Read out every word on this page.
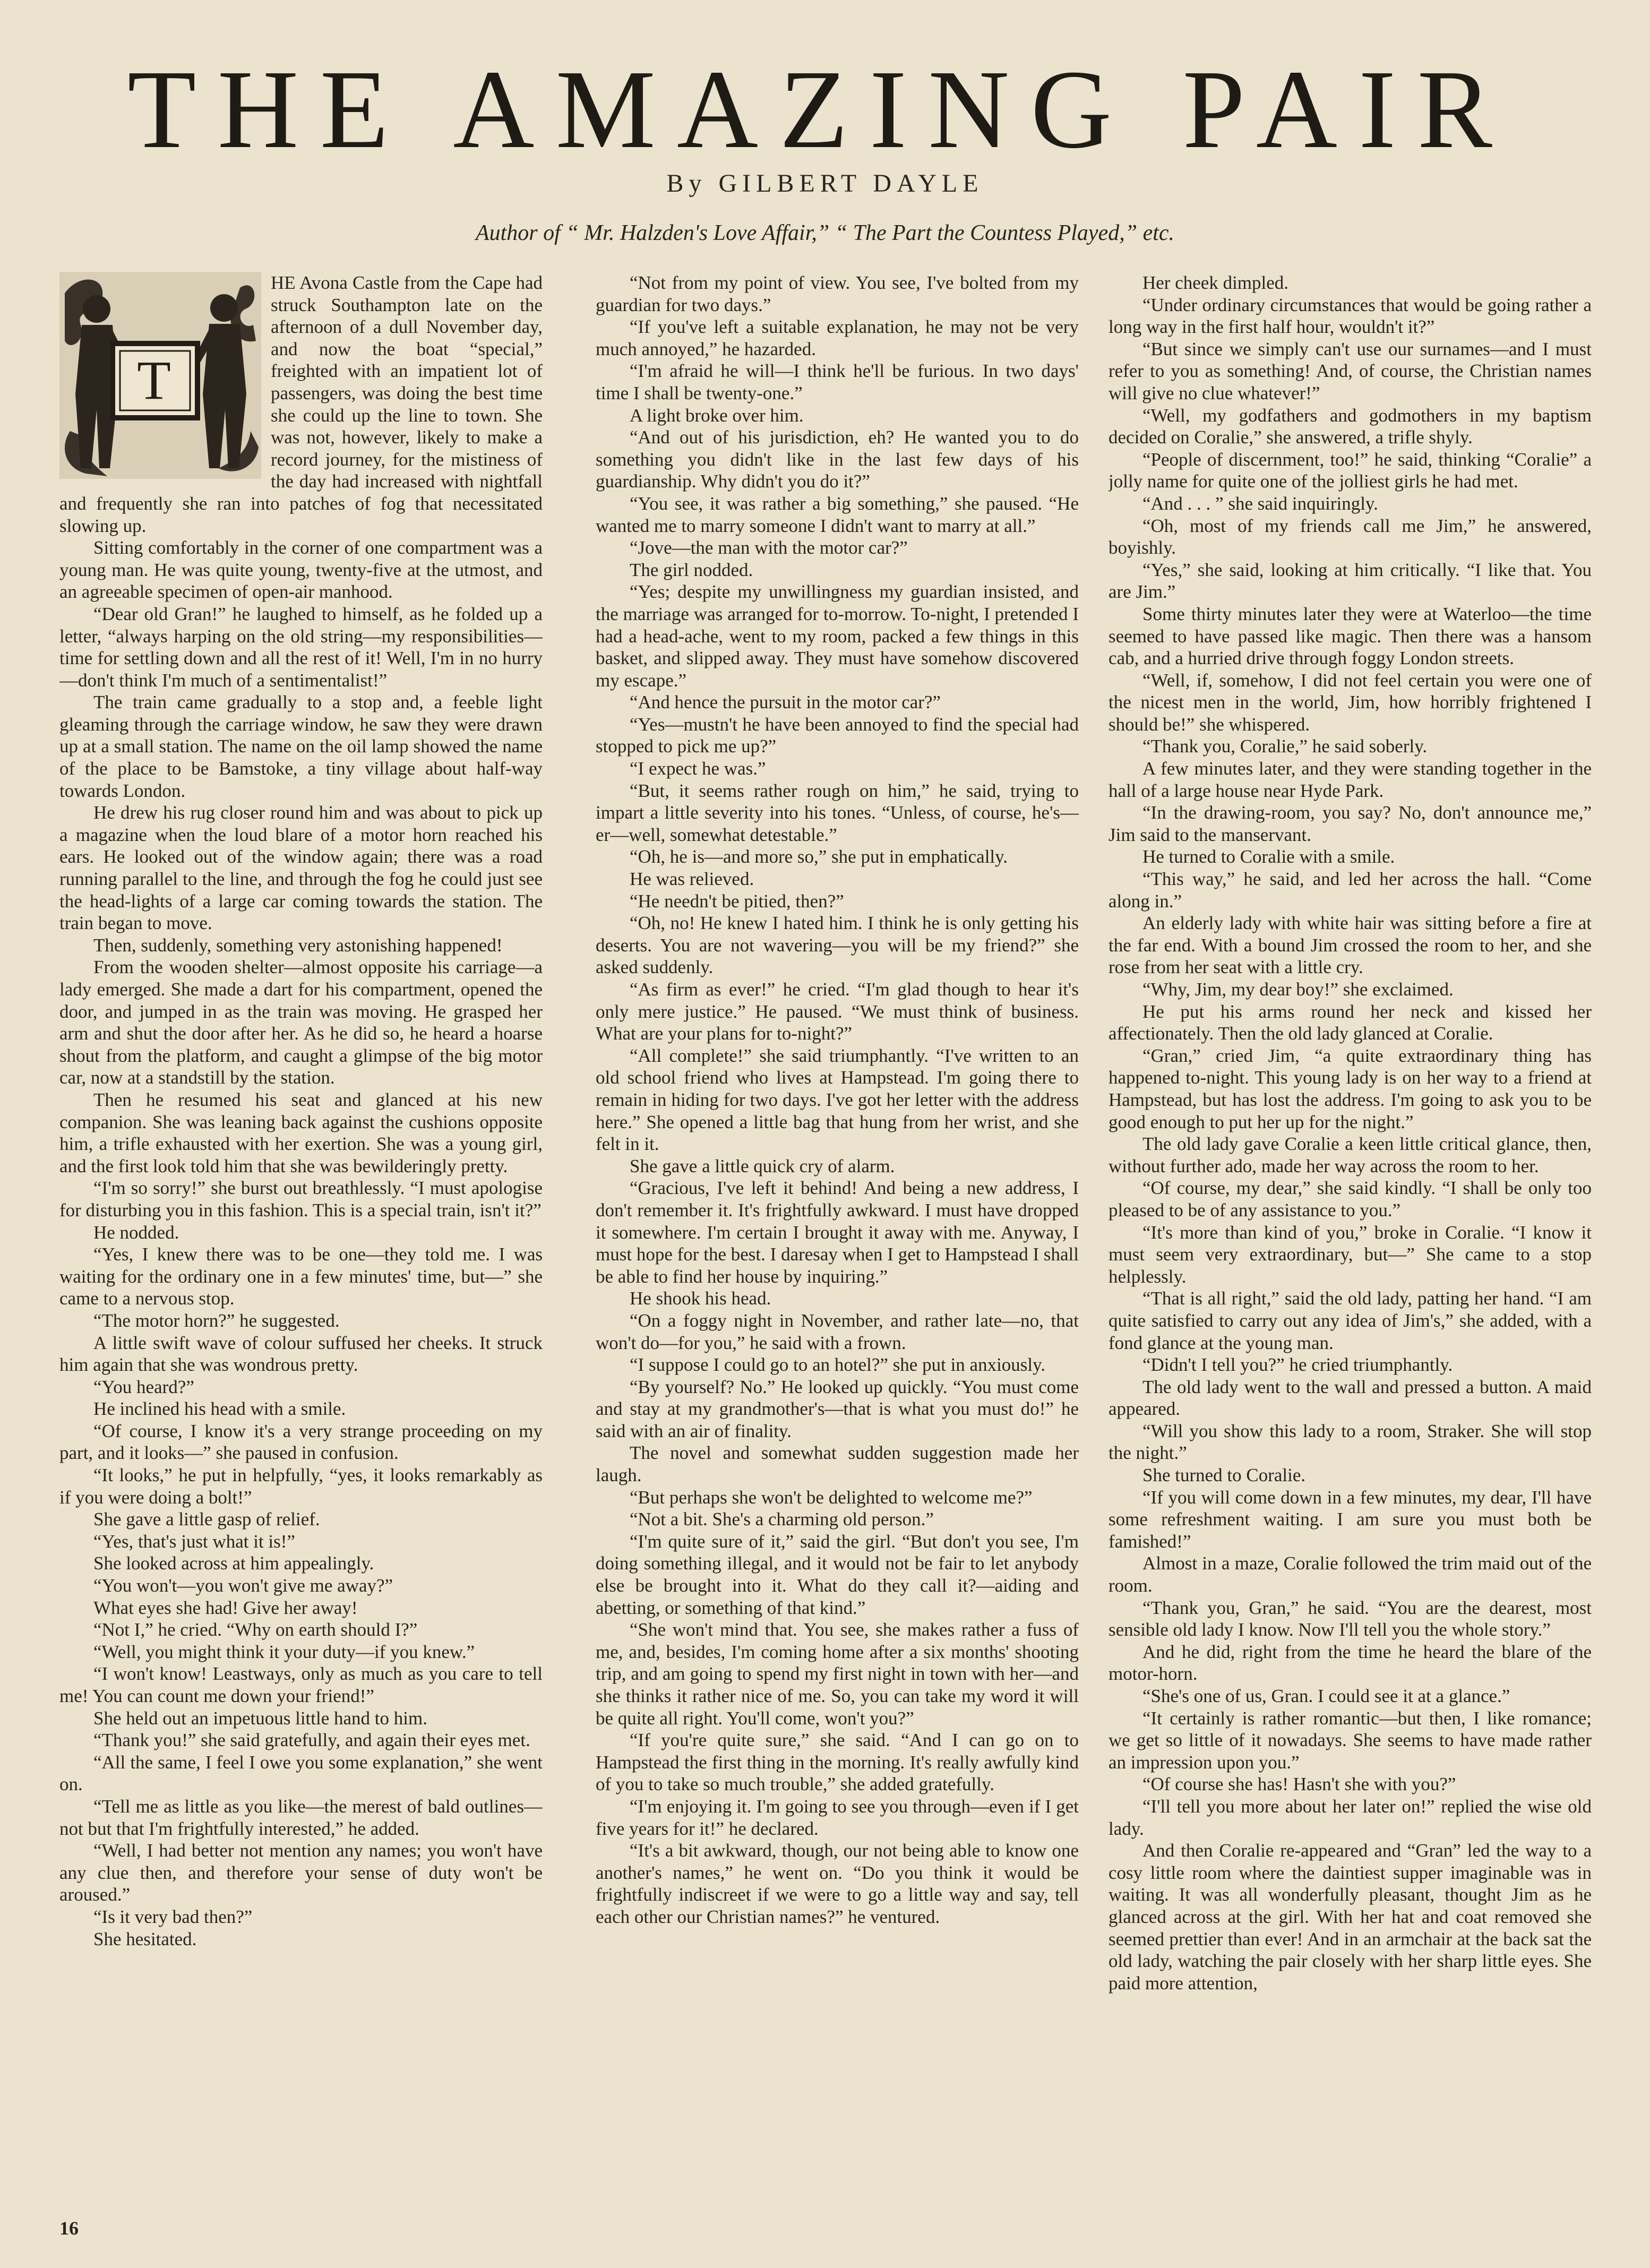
THE AMAZING PAIR
By GILBERT DAYLE
Author of “ Mr. Halzden's Love Affair,” “ The Part the Countess Played,” etc.
T

HE Avona Castle from the Cape had struck Southampton late on the afternoon of a dull November day, and now the boat “special,” freighted with an impatient lot of passengers, was doing the best time she could up the line to town. She was not, however, likely to make a record journey, for the mistiness of the day had increased with nightfall and frequently she ran into patches of fog that necessitated slowing up.

Sitting comfortably in the corner of one compartment was a young man. He was quite young, twenty-five at the utmost, and an agreeable specimen of open-air manhood.

“Dear old Gran!” he laughed to himself, as he folded up a letter, “always harping on the old string—my responsibilities—time for settling down and all the rest of it! Well, I'm in no hurry—don't think I'm much of a sentimentalist!”

The train came gradually to a stop and, a feeble light gleaming through the carriage window, he saw they were drawn up at a small station. The name on the oil lamp showed the name of the place to be Bamstoke, a tiny village about half-way towards London.

He drew his rug closer round him and was about to pick up a magazine when the loud blare of a motor horn reached his ears. He looked out of the window again; there was a road running parallel to the line, and through the fog he could just see the head-lights of a large car coming towards the station. The train began to move.

Then, suddenly, something very astonishing happened!

From the wooden shelter—almost opposite his carriage—a lady emerged. She made a dart for his compartment, opened the door, and jumped in as the train was moving. He grasped her arm and shut the door after her. As he did so, he heard a hoarse shout from the platform, and caught a glimpse of the big motor car, now at a standstill by the station.

Then he resumed his seat and glanced at his new companion. She was leaning back against the cushions opposite him, a trifle exhausted with her exertion. She was a young girl, and the first look told him that she was bewilderingly pretty.

“I'm so sorry!” she burst out breathlessly. “I must apologise for disturbing you in this fashion. This is a special train, isn't it?”

He nodded.

“Yes, I knew there was to be one—they told me. I was waiting for the ordinary one in a few minutes' time, but—” she came to a nervous stop.

“The motor horn?” he suggested.

A little swift wave of colour suffused her cheeks. It struck him again that she was wondrous pretty.

“You heard?”

He inclined his head with a smile.

“Of course, I know it's a very strange proceeding on my part, and it looks—” she paused in confusion.

“It looks,” he put in helpfully, “yes, it looks remarkably as if you were doing a bolt!”

She gave a little gasp of relief.

“Yes, that's just what it is!”

She looked across at him appealingly.

“You won't—you won't give me away?”

What eyes she had! Give her away!

“Not I,” he cried. “Why on earth should I?”

“Well, you might think it your duty—if you knew.”

“I won't know! Leastways, only as much as you care to tell me! You can count me down your friend!”

She held out an impetuous little hand to him.

“Thank you!” she said gratefully, and again their eyes met.

“All the same, I feel I owe you some explanation,” she went on.

“Tell me as little as you like—the merest of bald outlines—not but that I'm frightfully interested,” he added.

“Well, I had better not mention any names; you won't have any clue then, and therefore your sense of duty won't be aroused.”

“Is it very bad then?”

She hesitated.

“Not from my point of view. You see, I've bolted from my guardian for two days.”

“If you've left a suitable explanation, he may not be very much annoyed,” he hazarded.

“I'm afraid he will—I think he'll be furious. In two days' time I shall be twenty-one.”

A light broke over him.

“And out of his jurisdiction, eh? He wanted you to do something you didn't like in the last few days of his guardianship. Why didn't you do it?”

“You see, it was rather a big something,” she paused. “He wanted me to marry someone I didn't want to marry at all.”

“Jove—the man with the motor car?”

The girl nodded.

“Yes; despite my unwillingness my guardian insisted, and the marriage was arranged for to-morrow. To-night, I pretended I had a head-ache, went to my room, packed a few things in this basket, and slipped away. They must have somehow discovered my escape.”

“And hence the pursuit in the motor car?”

“Yes—mustn't he have been annoyed to find the special had stopped to pick me up?”

“I expect he was.”

“But, it seems rather rough on him,” he said, trying to impart a little severity into his tones. “Unless, of course, he's—er—well, somewhat detestable.”

“Oh, he is—and more so,” she put in emphatically.

He was relieved.

“He needn't be pitied, then?”

“Oh, no! He knew I hated him. I think he is only getting his deserts. You are not wavering—you will be my friend?” she asked suddenly.

“As firm as ever!” he cried. “I'm glad though to hear it's only mere justice.” He paused. “We must think of business. What are your plans for to-night?”

“All complete!” she said triumphantly. “I've written to an old school friend who lives at Hampstead. I'm going there to remain in hiding for two days. I've got her letter with the address here.” She opened a little bag that hung from her wrist, and she felt in it.

She gave a little quick cry of alarm.

“Gracious, I've left it behind! And being a new address, I don't remember it. It's frightfully awkward. I must have dropped it somewhere. I'm certain I brought it away with me. Anyway, I must hope for the best. I daresay when I get to Hampstead I shall be able to find her house by inquiring.”

He shook his head.

“On a foggy night in November, and rather late—no, that won't do—for you,” he said with a frown.

“I suppose I could go to an hotel?” she put in anxiously.

“By yourself? No.” He looked up quickly. “You must come and stay at my grandmother's—that is what you must do!” he said with an air of finality.

The novel and somewhat sudden suggestion made her laugh.

“But perhaps she won't be delighted to welcome me?”

“Not a bit. She's a charming old person.”

“I'm quite sure of it,” said the girl. “But don't you see, I'm doing something illegal, and it would not be fair to let anybody else be brought into it. What do they call it?—aiding and abetting, or something of that kind.”

“She won't mind that. You see, she makes rather a fuss of me, and, besides, I'm coming home after a six months' shooting trip, and am going to spend my first night in town with her—and she thinks it rather nice of me. So, you can take my word it will be quite all right. You'll come, won't you?”

“If you're quite sure,” she said. “And I can go on to Hampstead the first thing in the morning. It's really awfully kind of you to take so much trouble,” she added gratefully.

“I'm enjoying it. I'm going to see you through—even if I get five years for it!” he declared.

“It's a bit awkward, though, our not being able to know one another's names,” he went on. “Do you think it would be frightfully indiscreet if we were to go a little way and say, tell each other our Christian names?” he ventured.

Her cheek dimpled.

“Under ordinary circumstances that would be going rather a long way in the first half hour, wouldn't it?”

“But since we simply can't use our surnames—and I must refer to you as something! And, of course, the Christian names will give no clue whatever!”

“Well, my godfathers and godmothers in my baptism decided on Coralie,” she answered, a trifle shyly.

“People of discernment, too!” he said, thinking “Coralie” a jolly name for quite one of the jolliest girls he had met.

“And . . . ” she said inquiringly.

“Oh, most of my friends call me Jim,” he answered, boyishly.

“Yes,” she said, looking at him critically. “I like that. You are Jim.”

Some thirty minutes later they were at Waterloo—the time seemed to have passed like magic. Then there was a hansom cab, and a hurried drive through foggy London streets.

“Well, if, somehow, I did not feel certain you were one of the nicest men in the world, Jim, how horribly frightened I should be!” she whispered.

“Thank you, Coralie,” he said soberly.

A few minutes later, and they were standing together in the hall of a large house near Hyde Park.

“In the drawing-room, you say? No, don't announce me,” Jim said to the manservant.

He turned to Coralie with a smile.

“This way,” he said, and led her across the hall. “Come along in.”

An elderly lady with white hair was sitting before a fire at the far end. With a bound Jim crossed the room to her, and she rose from her seat with a little cry.

“Why, Jim, my dear boy!” she exclaimed.

He put his arms round her neck and kissed her affectionately. Then the old lady glanced at Coralie.

“Gran,” cried Jim, “a quite extraordinary thing has happened to-night. This young lady is on her way to a friend at Hampstead, but has lost the address. I'm going to ask you to be good enough to put her up for the night.”

The old lady gave Coralie a keen little critical glance, then, without further ado, made her way across the room to her.

“Of course, my dear,” she said kindly. “I shall be only too pleased to be of any assistance to you.”

“It's more than kind of you,” broke in Coralie. “I know it must seem very extraordinary, but—” She came to a stop helplessly.

“That is all right,” said the old lady, patting her hand. “I am quite satisfied to carry out any idea of Jim's,” she added, with a fond glance at the young man.

“Didn't I tell you?” he cried triumphantly.

The old lady went to the wall and pressed a button. A maid appeared.

“Will you show this lady to a room, Straker. She will stop the night.”

She turned to Coralie.

“If you will come down in a few minutes, my dear, I'll have some refreshment waiting. I am sure you must both be famished!”

Almost in a maze, Coralie followed the trim maid out of the room.

“Thank you, Gran,” he said. “You are the dearest, most sensible old lady I know. Now I'll tell you the whole story.”

And he did, right from the time he heard the blare of the motor-horn.

“She's one of us, Gran. I could see it at a glance.”

“It certainly is rather romantic—but then, I like romance; we get so little of it nowadays. She seems to have made rather an impression upon you.”

“Of course she has! Hasn't she with you?”

“I'll tell you more about her later on!” replied the wise old lady.

And then Coralie re-appeared and “Gran” led the way to a cosy little room where the daintiest supper imaginable was in waiting. It was all wonderfully pleasant, thought Jim as he glanced across at the girl. With her hat and coat removed she seemed prettier than ever! And in an armchair at the back sat the old lady, watching the pair closely with her sharp little eyes. She paid more attention,

16
